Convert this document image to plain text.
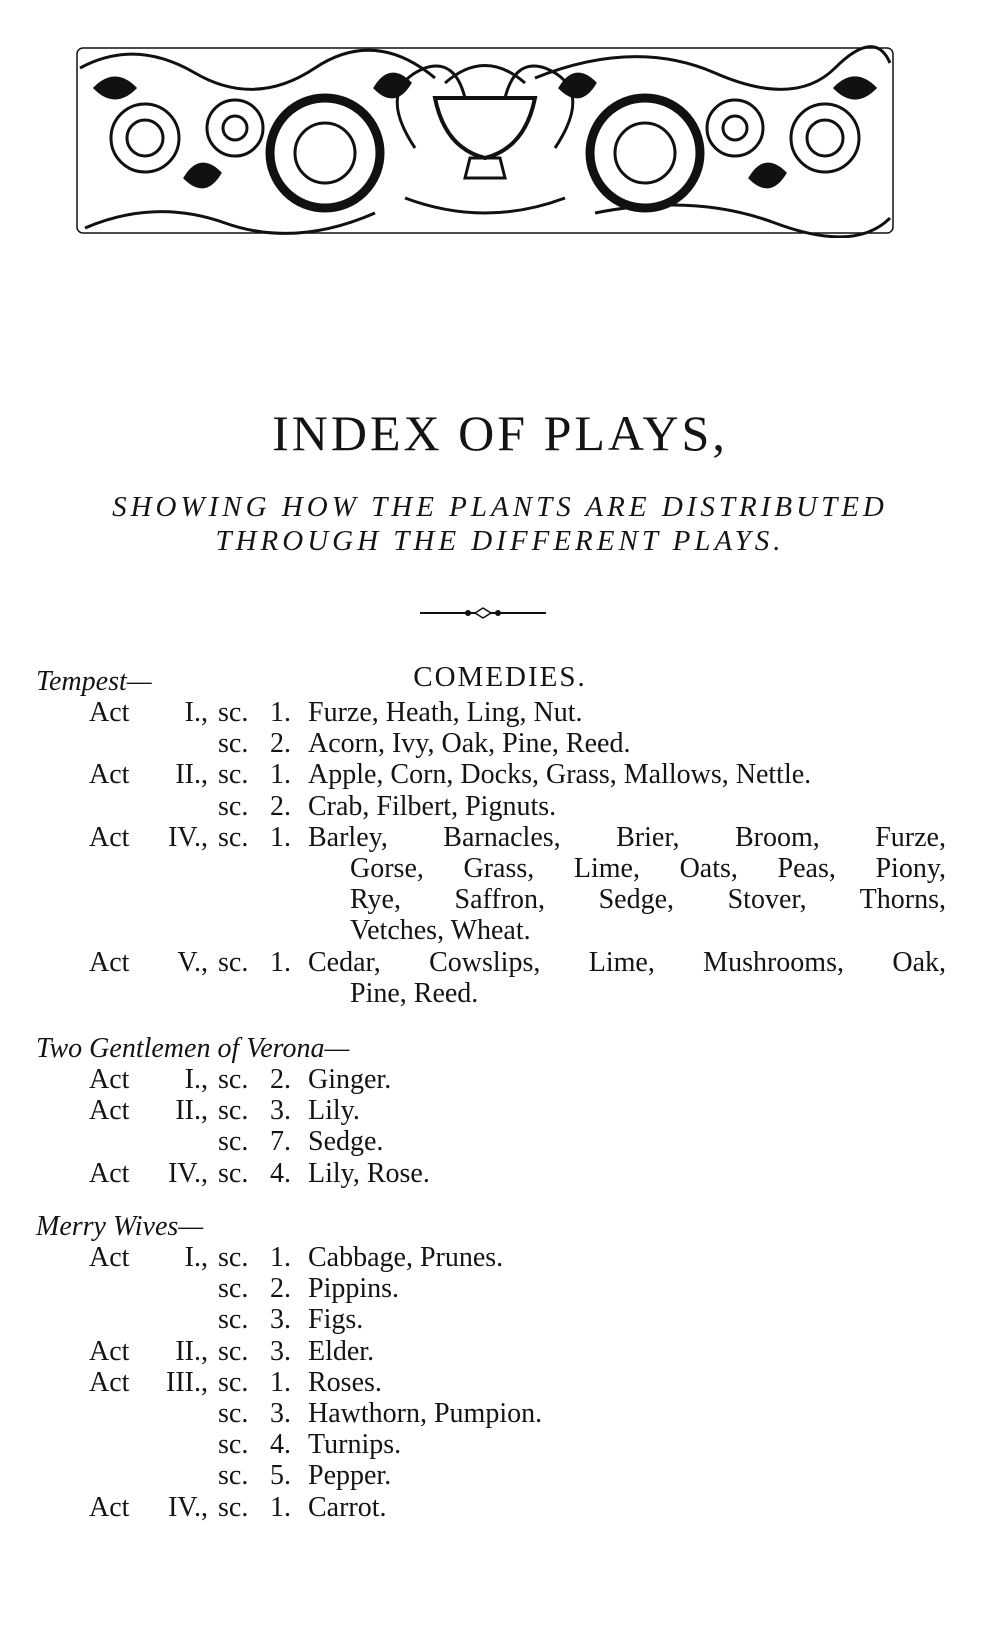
INDEX OF PLAYS,
SHOWING HOW THE PLANTS ARE DISTRIBUTED
THROUGH THE DIFFERENT PLAYS.
COMEDIES.
Tempest—
Act	I., sc. 1. Furze, Heath, Ling, Nut.
sc. 2. Acorn, Ivy, Oak, Pine, Reed.
Act	II., sc. 1. Apple, Corn, Docks, Grass, Mallows, Nettle.
sc. 2. Crab, Filbert, Pignuts.
Act	IV., sc. 1. Barley, Barnacles, Brier, Broom, Furze,
Gorse, Grass, Lime, Oats, Peas, Piony,
Rye, Saffron, Sedge, Stover, Thorns,
Vetches, Wheat.
Act	V., sc. 1. Cedar, Cowslips, Lime, Mushrooms, Oak,
Pine, Reed.
Two Gentlemen of Verona—
Act	I., sc. 2. Ginger.
Act	II., sc. 3. Lily.
sc. 7. Sedge.
Act	IV., sc. 4. Lily, Rose.
Merry Wives—
Act	I., sc. 1. Cabbage, Prunes.
sc. 2. Pippins.
sc. 3. Figs.
Act	II., sc. 3. Elder.
Act	III., sc. 1. Roses.
sc. 3. Hawthorn, Pumpion.
sc. 4. Turnips.
sc. 5. Pepper.
Act	IV., sc. 1. Carrot.
